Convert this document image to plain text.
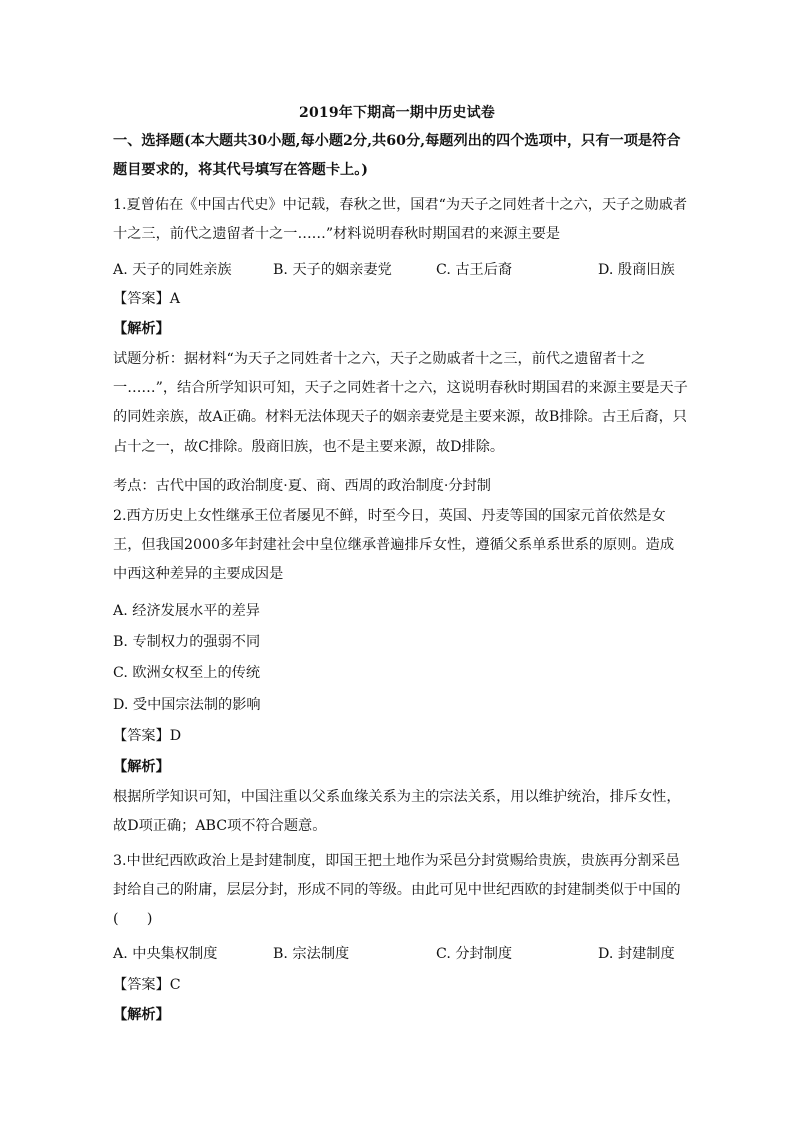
2019年下期高一期中历史试卷
一、选择题(本大题共30小题,每小题2分,共60分,每题列出的四个选项中，只有一项是符合题目要求的，将其代号填写在答题卡上。)
1.夏曾佑在《中国古代史》中记载，春秋之世，国君“为天子之同姓者十之六，天子之勋戚者十之三，前代之遗留者十之一……”材料说明春秋时期国君的来源主要是
A. 天子的同姓亲族	B. 天子的姻亲妻党	C. 古王后裔	D. 殷商旧族
【答案】A
【解析】
试题分析：据材料“为天子之同姓者十之六，天子之勋戚者十之三，前代之遗留者十之一……”，结合所学知识可知，天子之同姓者十之六，这说明春秋时期国君的来源主要是天子的同姓亲族，故A正确。材料无法体现天子的姻亲妻党是主要来源，故B排除。古王后裔，只占十之一，故C排除。殷商旧族，也不是主要来源，故D排除。
考点：古代中国的政治制度·夏、商、西周的政治制度·分封制
2.西方历史上女性继承王位者屡见不鲜，时至今日，英国、丹麦等国的国家元首依然是女王，但我国2000多年封建社会中皇位继承普遍排斥女性，遵循父系单系世系的原则。造成中西这种差异的主要成因是
A. 经济发展水平的差异
B. 专制权力的强弱不同
C. 欧洲女权至上的传统
D. 受中国宗法制的影响
【答案】D
【解析】
根据所学知识可知，中国注重以父系血缘关系为主的宗法关系，用以维护统治，排斥女性，故D项正确；ABC项不符合题意。
3.中世纪西欧政治上是封建制度，即国王把土地作为采邑分封赏赐给贵族，贵族再分割采邑封给自己的附庸，层层分封，形成不同的等级。由此可见中世纪西欧的封建制类似于中国的(　　)
A. 中央集权制度	B. 宗法制度	C. 分封制度	D. 封建制度
【答案】C
【解析】
